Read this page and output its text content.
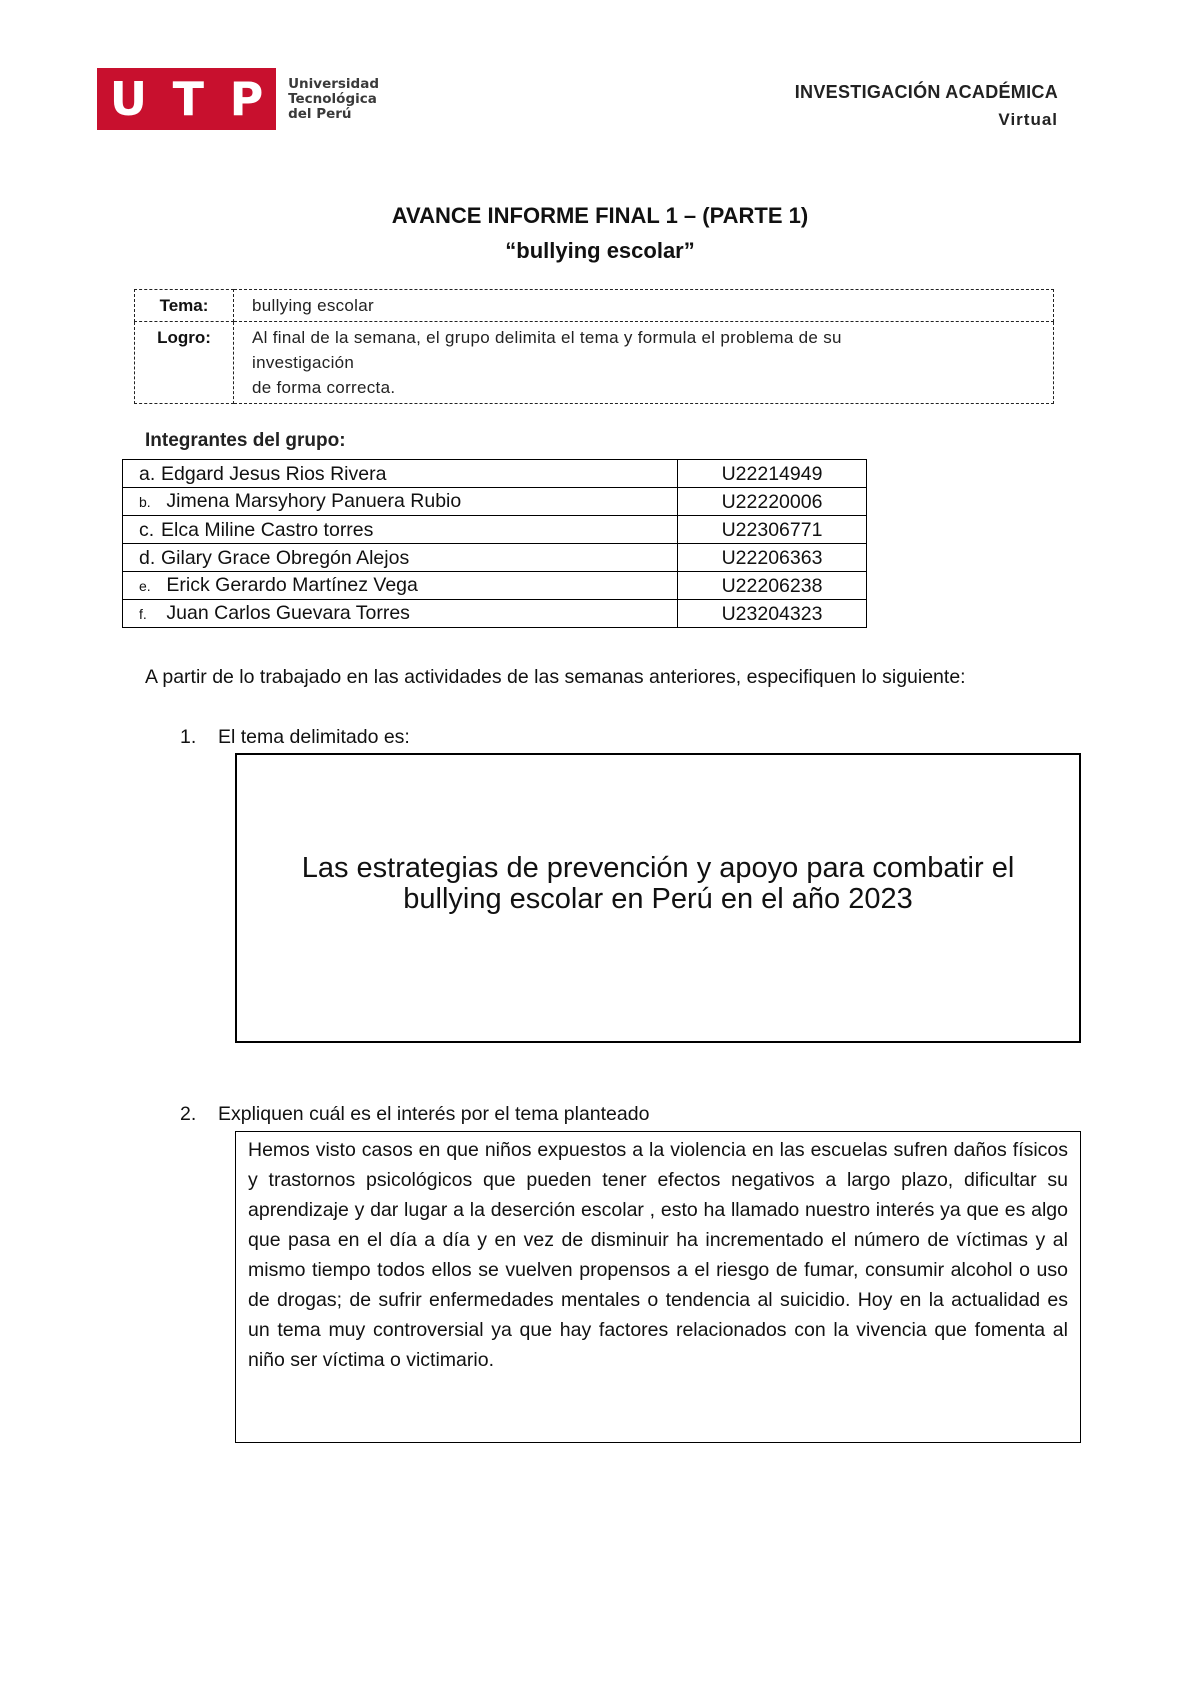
U T P Universidad
Tecnológica
del Perú
INVESTIGACIÓN ACADÉMICA
Virtual
AVANCE INFORME FINAL 1 – (PARTE 1)
“bullying escolar”
Tema:	bullying escolar
Logro:	Al final de la semana, el grupo delimita el tema y formula el problema de su
investigación
de forma correcta.
Integrantes del grupo:
a. Edgard Jesus Rios Rivera	U22214949
b. Jimena Marsyhory Panuera Rubio	U22220006
c. Elca Miline Castro torres	U22306771
d. Gilary Grace Obregón Alejos	U22206363
e. Erick Gerardo Martínez Vega	U22206238
f. Juan Carlos Guevara Torres	U23204323
A partir de lo trabajado en las actividades de las semanas anteriores, especifiquen lo siguiente:
1. El tema delimitado es:

Las estrategias de prevención y apoyo para combatir el
bullying escolar en Perú en el año 2023

2. Expliquen cuál es el interés por el tema planteado

Hemos visto casos en que niños expuestos a la violencia en las escuelas sufren daños físicos y trastornos psicológicos que pueden tener efectos negativos a largo plazo, dificultar su aprendizaje y dar lugar a la deserción escolar , esto ha llamado nuestro interés ya que es algo que pasa en el día a día y en vez de disminuir ha incrementado el número de víctimas y al mismo tiempo todos ellos se vuelven propensos a el riesgo de fumar, consumir alcohol o uso de drogas; de sufrir enfermedades mentales o tendencia al suicidio. Hoy en la actualidad es un tema muy controversial ya que hay factores relacionados con la vivencia que fomenta al niño ser víctima o victimario.
